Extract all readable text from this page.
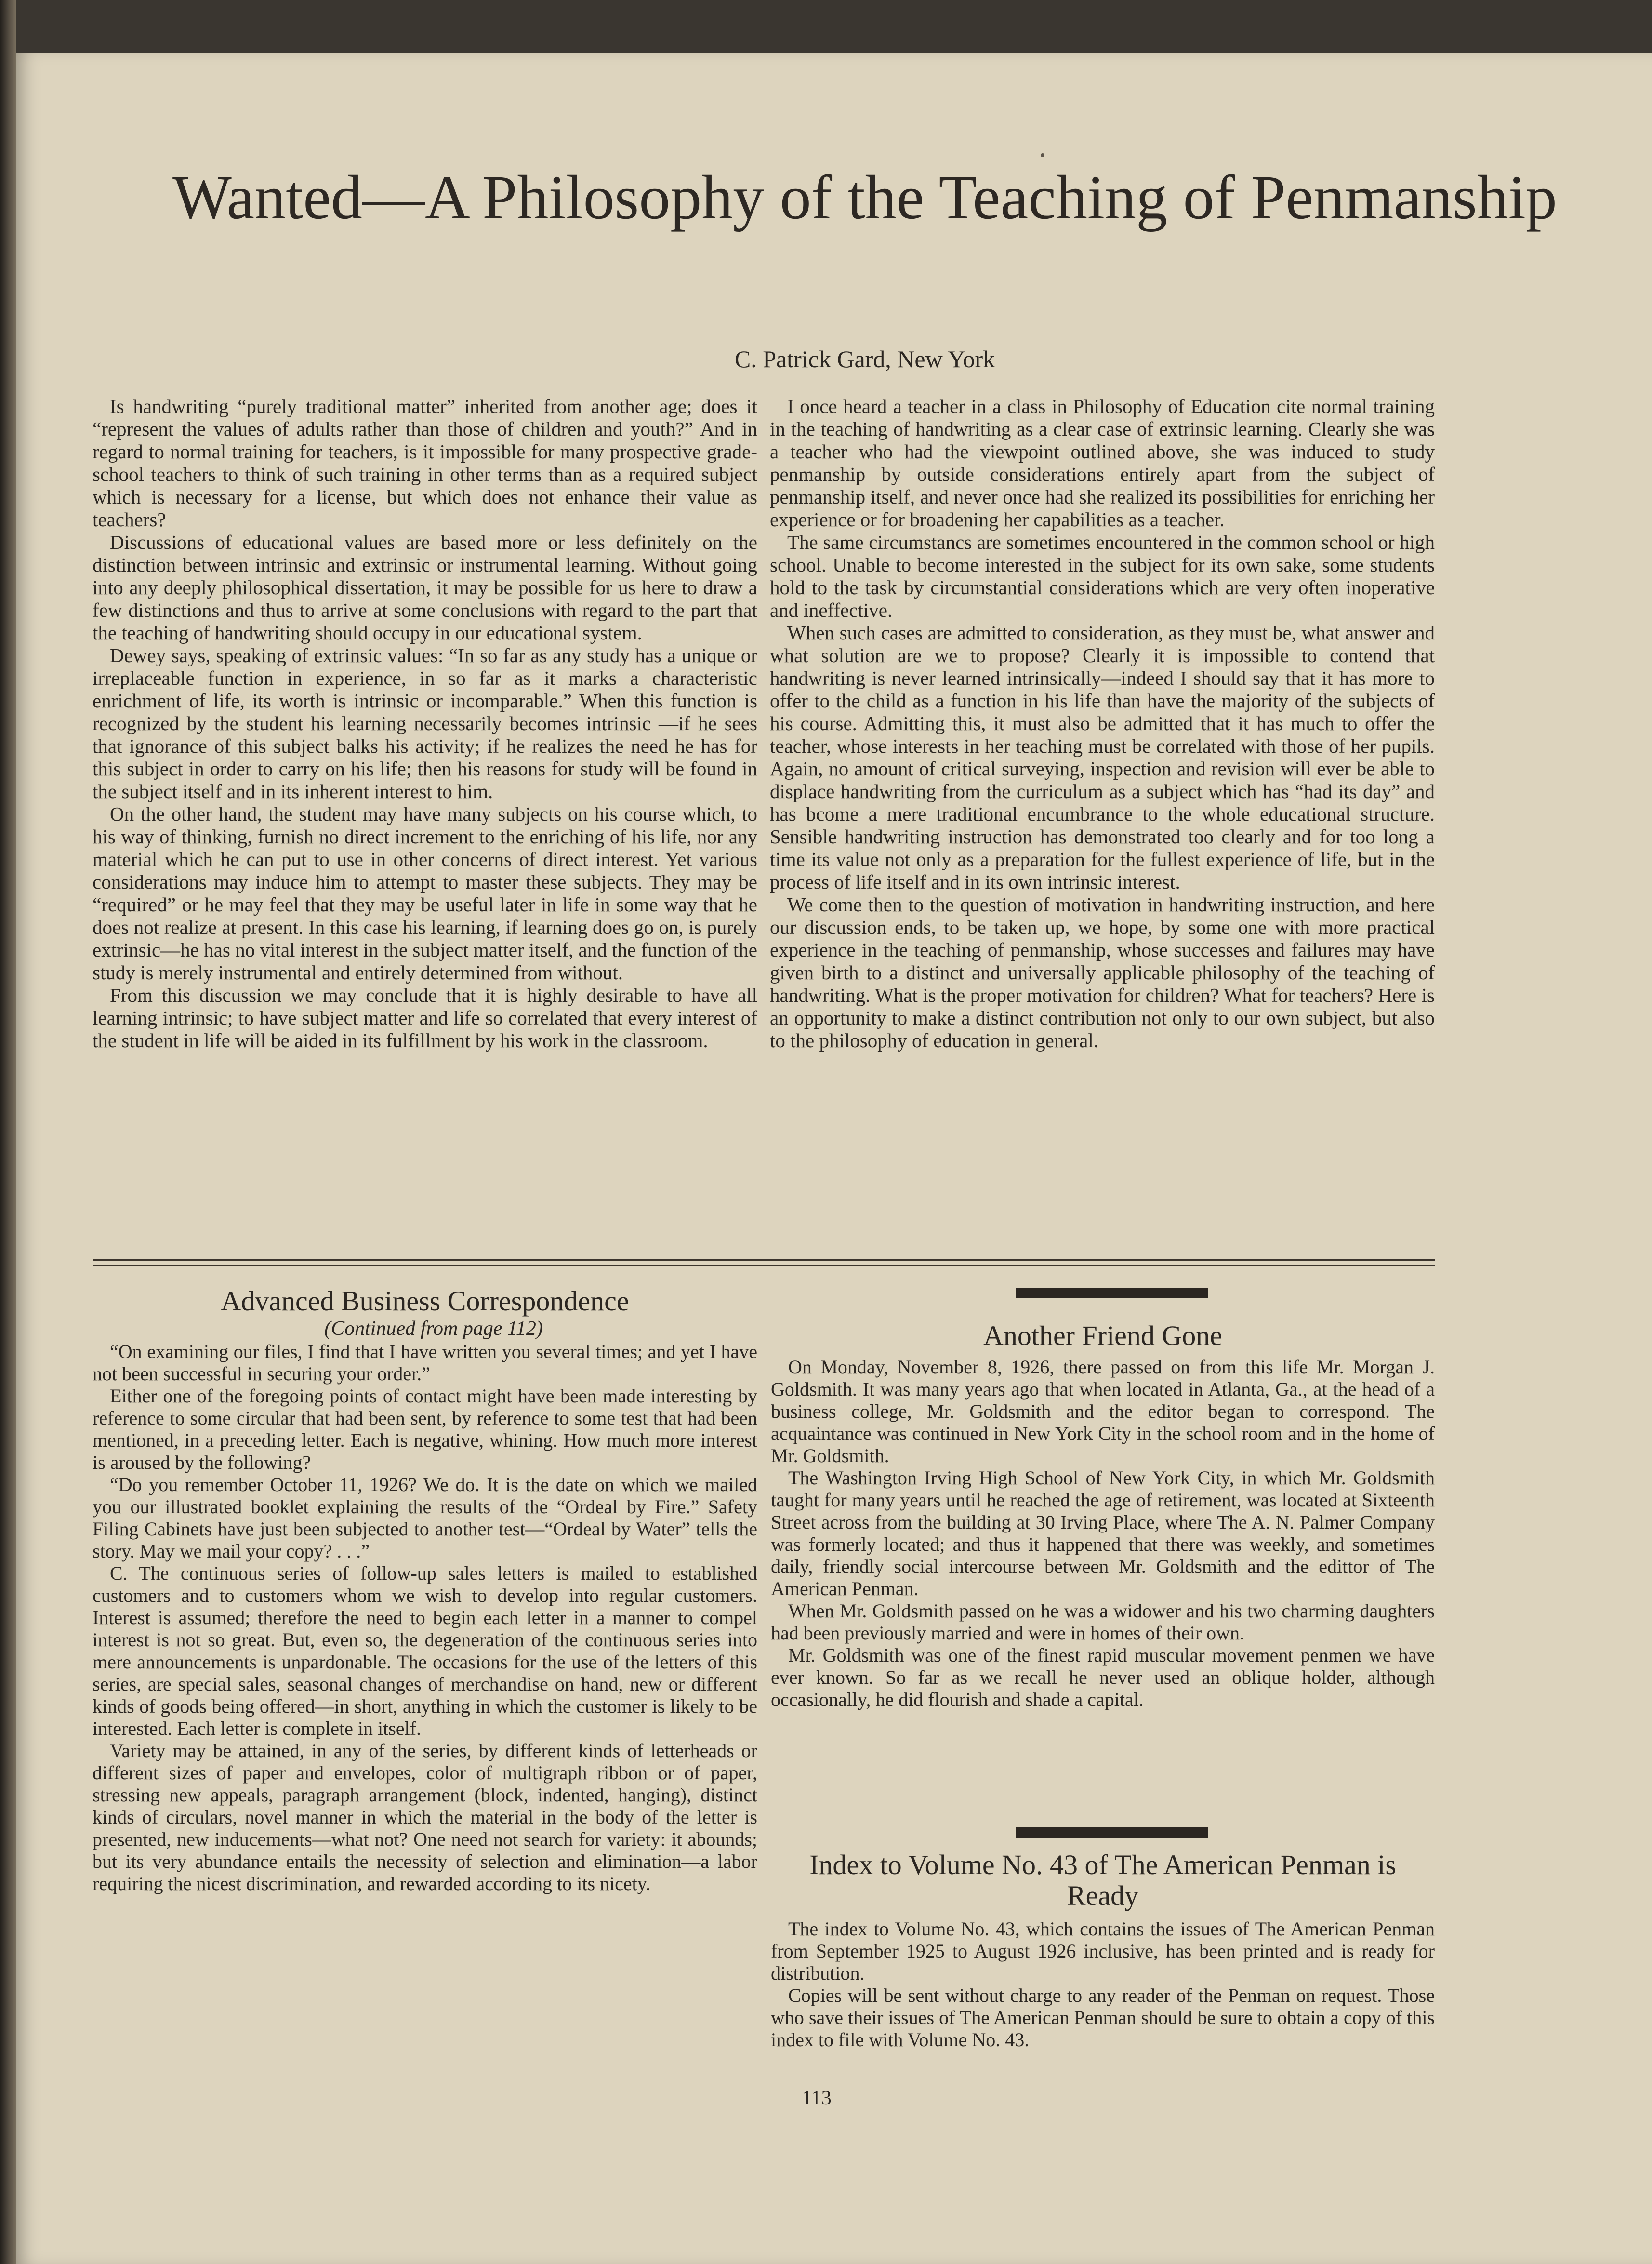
Wanted—A Philosophy of the Teaching of Penmanship
C. Patrick Gard, New York

Is handwriting “purely traditional matter” inherited from another age; does it “represent the values of adults rather than those of children and youth?” And in regard to normal training for teachers, is it impossible for many prospective grade-school teachers to think of such training in other terms than as a required subject which is necessary for a license, but which does not enhance their value as teachers?

Discussions of educational values are based more or less definitely on the distinction between intrinsic and extrinsic or instrumental learning. Without going into any deeply philosophical dissertation, it may be possible for us here to draw a few distinctions and thus to arrive at some conclusions with regard to the part that the teaching of handwriting should occupy in our educational system.

Dewey says, speaking of extrinsic values: “In so far as any study has a unique or irreplaceable function in experience, in so far as it marks a characteristic enrichment of life, its worth is intrinsic or incomparable.” When this function is recognized by the student his learning necessarily becomes intrinsic —if he sees that ignorance of this subject balks his activity; if he realizes the need he has for this subject in order to carry on his life; then his reasons for study will be found in the subject itself and in its inherent interest to him.

On the other hand, the student may have many subjects on his course which, to his way of thinking, furnish no direct increment to the enriching of his life, nor any material which he can put to use in other concerns of direct interest. Yet various considerations may induce him to attempt to master these subjects. They may be “required” or he may feel that they may be useful later in life in some way that he does not realize at present. In this case his learning, if learning does go on, is purely extrinsic—he has no vital interest in the subject matter itself, and the function of the study is merely instrumental and entirely determined from without.

From this discussion we may conclude that it is highly desirable to have all learning intrinsic; to have subject matter and life so correlated that every interest of the student in life will be aided in its fulfillment by his work in the classroom.

I once heard a teacher in a class in Philosophy of Education cite normal training in the teaching of handwriting as a clear case of extrinsic learning. Clearly she was a teacher who had the viewpoint outlined above, she was induced to study penmanship by outside considerations entirely apart from the subject of penmanship itself, and never once had she realized its possibilities for enriching her experience or for broadening her capabilities as a teacher.

The same circumstancs are sometimes encountered in the common school or high school. Unable to become interested in the subject for its own sake, some students hold to the task by circumstantial considerations which are very often inoperative and ineffective.

When such cases are admitted to consideration, as they must be, what answer and what solution are we to propose? Clearly it is impossible to contend that handwriting is never learned intrinsically—indeed I should say that it has more to offer to the child as a function in his life than have the majority of the subjects of his course. Admitting this, it must also be admitted that it has much to offer the teacher, whose interests in her teaching must be correlated with those of her pupils. Again, no amount of critical surveying, inspection and revision will ever be able to displace handwriting from the curriculum as a subject which has “had its day” and has bcome a mere traditional encumbrance to the whole educational structure. Sensible handwriting instruction has demonstrated too clearly and for too long a time its value not only as a preparation for the fullest experience of life, but in the process of life itself and in its own intrinsic interest.

We come then to the question of motivation in handwriting instruction, and here our discussion ends, to be taken up, we hope, by some one with more practical experience in the teaching of penmanship, whose successes and failures may have given birth to a distinct and universally applicable philosophy of the teaching of handwriting. What is the proper motivation for children? What for teachers? Here is an opportunity to make a distinct contribution not only to our own subject, but also to the philosophy of education in general.

Advanced Business Correspondence

(Continued from page 112)

“On examining our files, I find that I have written you several times; and yet I have not been successful in securing your order.”

Either one of the foregoing points of contact might have been made interesting by reference to some circular that had been sent, by reference to some test that had been mentioned, in a preceding letter. Each is negative, whining. How much more interest is aroused by the following?

“Do you remember October 11, 1926? We do. It is the date on which we mailed you our illustrated booklet explaining the results of the “Ordeal by Fire.” Safety Filing Cabinets have just been subjected to another test—“Ordeal by Water” tells the story. May we mail your copy? . . .”

C. The continuous series of follow-up sales letters is mailed to established customers and to customers whom we wish to develop into regular customers. Interest is assumed; therefore the need to begin each letter in a manner to compel interest is not so great. But, even so, the degeneration of the continuous series into mere announcements is unpardonable. The occasions for the use of the letters of this series, are special sales, seasonal changes of merchandise on hand, new or different kinds of goods being offered—in short, anything in which the customer is likely to be interested. Each letter is complete in itself.

Variety may be attained, in any of the series, by different kinds of letterheads or different sizes of paper and envelopes, color of multigraph ribbon or of paper, stressing new appeals, paragraph arrangement (block, indented, hanging), distinct kinds of circulars, novel manner in which the material in the body of the letter is presented, new inducements—what not? One need not search for variety: it abounds; but its very abundance entails the necessity of selection and elimination—a labor requiring the nicest discrimination, and rewarded according to its nicety.

Another Friend Gone

On Monday, November 8, 1926, there passed on from this life Mr. Morgan J. Goldsmith. It was many years ago that when located in Atlanta, Ga., at the head of a business college, Mr. Goldsmith and the editor began to correspond. The acquaintance was continued in New York City in the school room and in the home of Mr. Goldsmith.

The Washington Irving High School of New York City, in which Mr. Goldsmith taught for many years until he reached the age of retirement, was located at Sixteenth Street across from the building at 30 Irving Place, where The A. N. Palmer Company was formerly located; and thus it happened that there was weekly, and sometimes daily, friendly social intercourse between Mr. Goldsmith and the edittor of The American Penman.

When Mr. Goldsmith passed on he was a widower and his two charming daughters had been previously married and were in homes of their own.

Mr. Goldsmith was one of the finest rapid muscular movement penmen we have ever known. So far as we recall he never used an oblique holder, although occasionally, he did flourish and shade a capital.

Index to Volume No. 43 of The American Penman is Ready

The index to Volume No. 43, which contains the issues of The American Penman from September 1925 to August 1926 inclusive, has been printed and is ready for distribution.

Copies will be sent without charge to any reader of the Penman on request. Those who save their issues of The American Penman should be sure to obtain a copy of this index to file with Volume No. 43.

113
